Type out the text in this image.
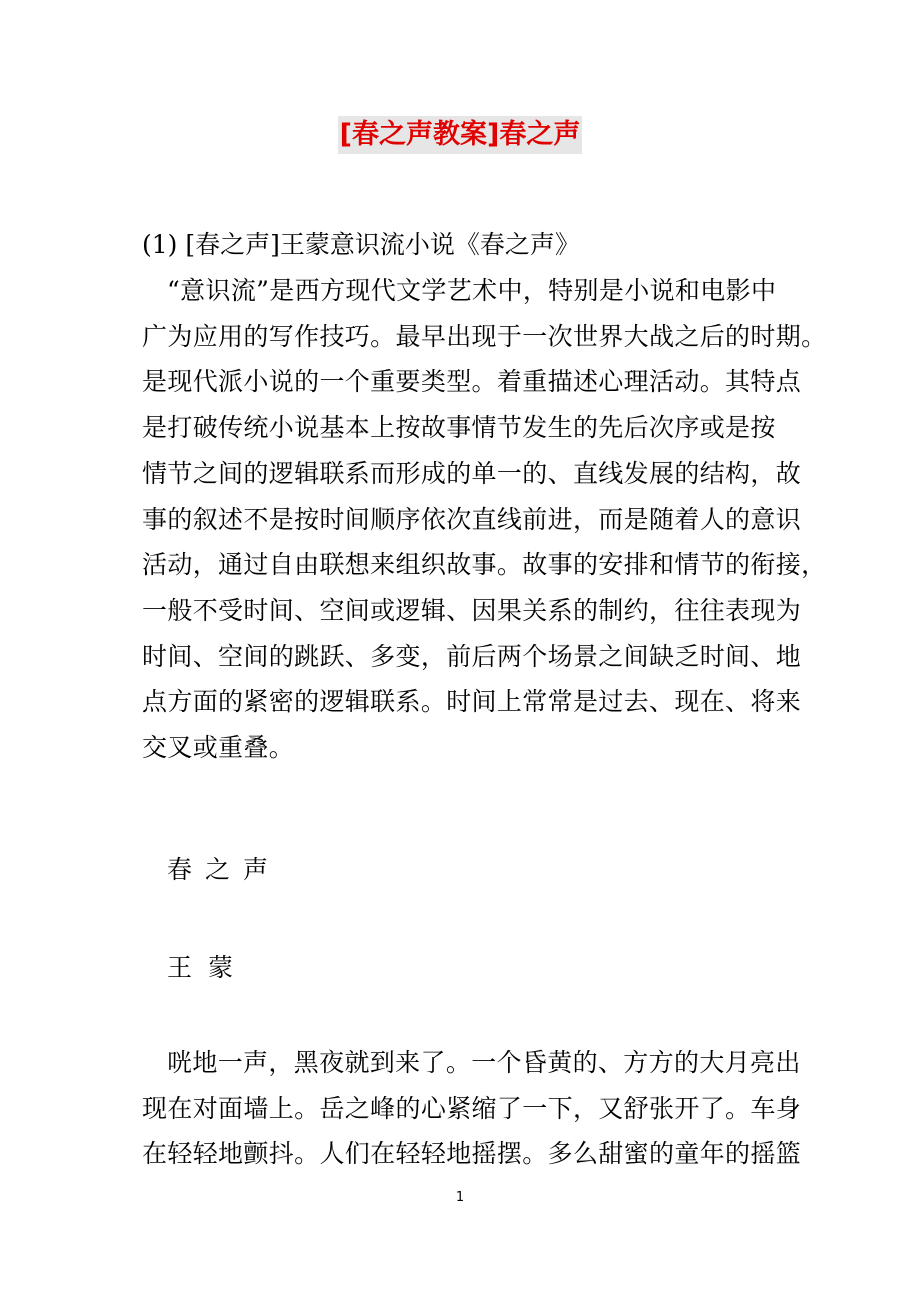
[春之声教案]春之声
(1) [春之声]王蒙意识流小说《春之声》
“意识流”是西方现代文学艺术中，特别是小说和电影中
广为应用的写作技巧。最早出现于一次世界大战之后的时期。
是现代派小说的一个重要类型。着重描述心理活动。其特点
是打破传统小说基本上按故事情节发生的先后次序或是按
情节之间的逻辑联系而形成的单一的、直线发展的结构，故
事的叙述不是按时间顺序依次直线前进，而是随着人的意识
活动，通过自由联想来组织故事。故事的安排和情节的衔接，
一般不受时间、空间或逻辑、因果关系的制约，往往表现为
时间、空间的跳跃、多变，前后两个场景之间缺乏时间、地
点方面的紧密的逻辑联系。时间上常常是过去、现在、将来
交叉或重叠。
春之声
王蒙
咣地一声，黑夜就到来了。一个昏黄的、方方的大月亮出
现在对面墙上。岳之峰的心紧缩了一下，又舒张开了。车身
在轻轻地颤抖。人们在轻轻地摇摆。多么甜蜜的童年的摇篮
1
